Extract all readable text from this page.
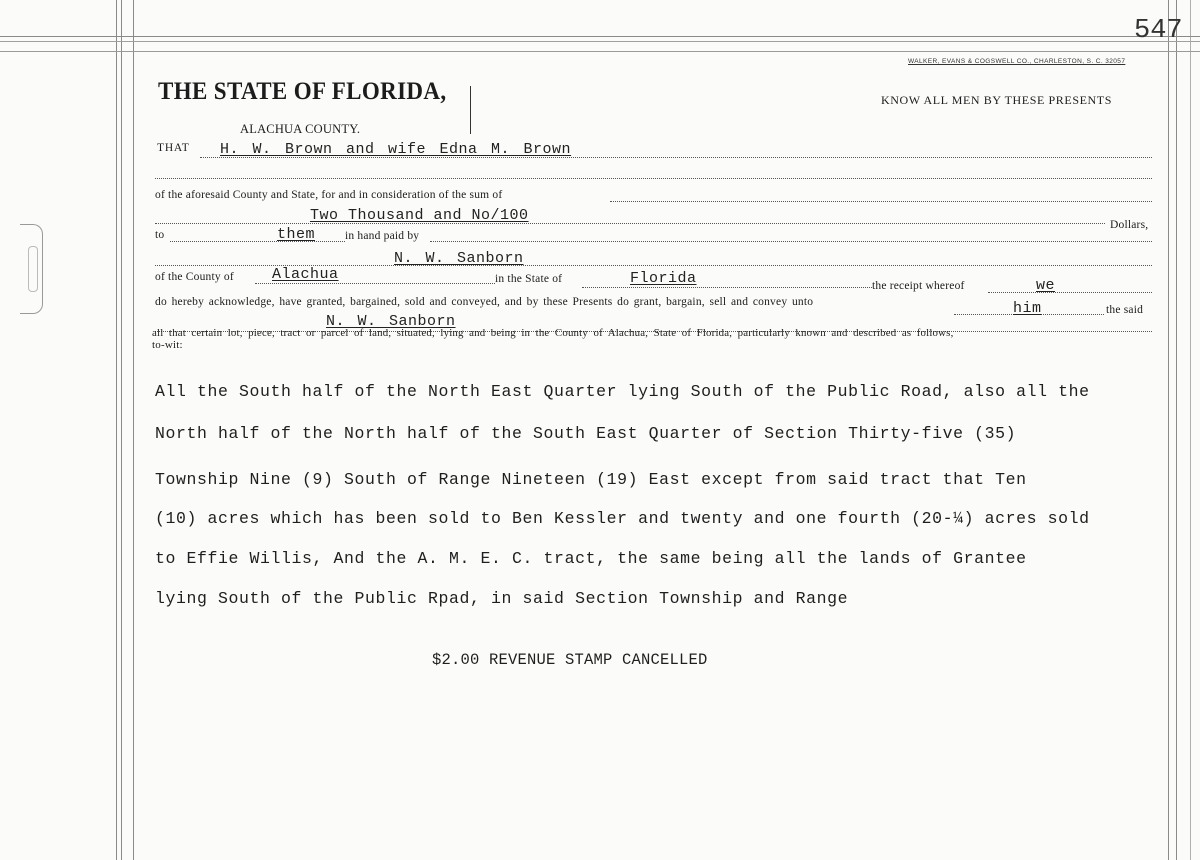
547
WALKER, EVANS & COGSWELL CO., CHARLESTON, S. C. 32057
THE STATE OF FLORIDA,
ALACHUA COUNTY.
KNOW ALL MEN BY THESE PRESENTS
THAT H. W. Brown and wife Edna M. Brown
of the aforesaid County and State, for and in consideration of the sum of
Two Thousand and No/100
Dollars,
to	them	in hand paid by
N. W. Sanborn
of the County of	Alachua	in the State of	Florida	the receipt whereof	we
do hereby acknowledge, have granted, bargained, sold and conveyed, and by these Presents do grant, bargain, sell and convey unto	him	the said
N. W. Sanborn
all that certain lot, piece, tract or parcel of land, situated, lying and being in the County of Alachua, State of Florida, particularly known and described as follows,
to-wit:
All the South half of the North East Quarter lying South of the Public Road, also all the
North half of the North half of the South East Quarter of Section Thirty-five (35)
Township Nine (9) South of Range Nineteen (19) East except from said tract that Ten
(10) acres which has been sold to Ben Kessler and twenty and one fourth (20-¼) acres sold
to Effie Willis, And the A. M. E. C. tract, the same being all the lands of Grantee
lying South of the Public Rpad, in said Section Township and Range
$2.00 REVENUE STAMP CANCELLED
